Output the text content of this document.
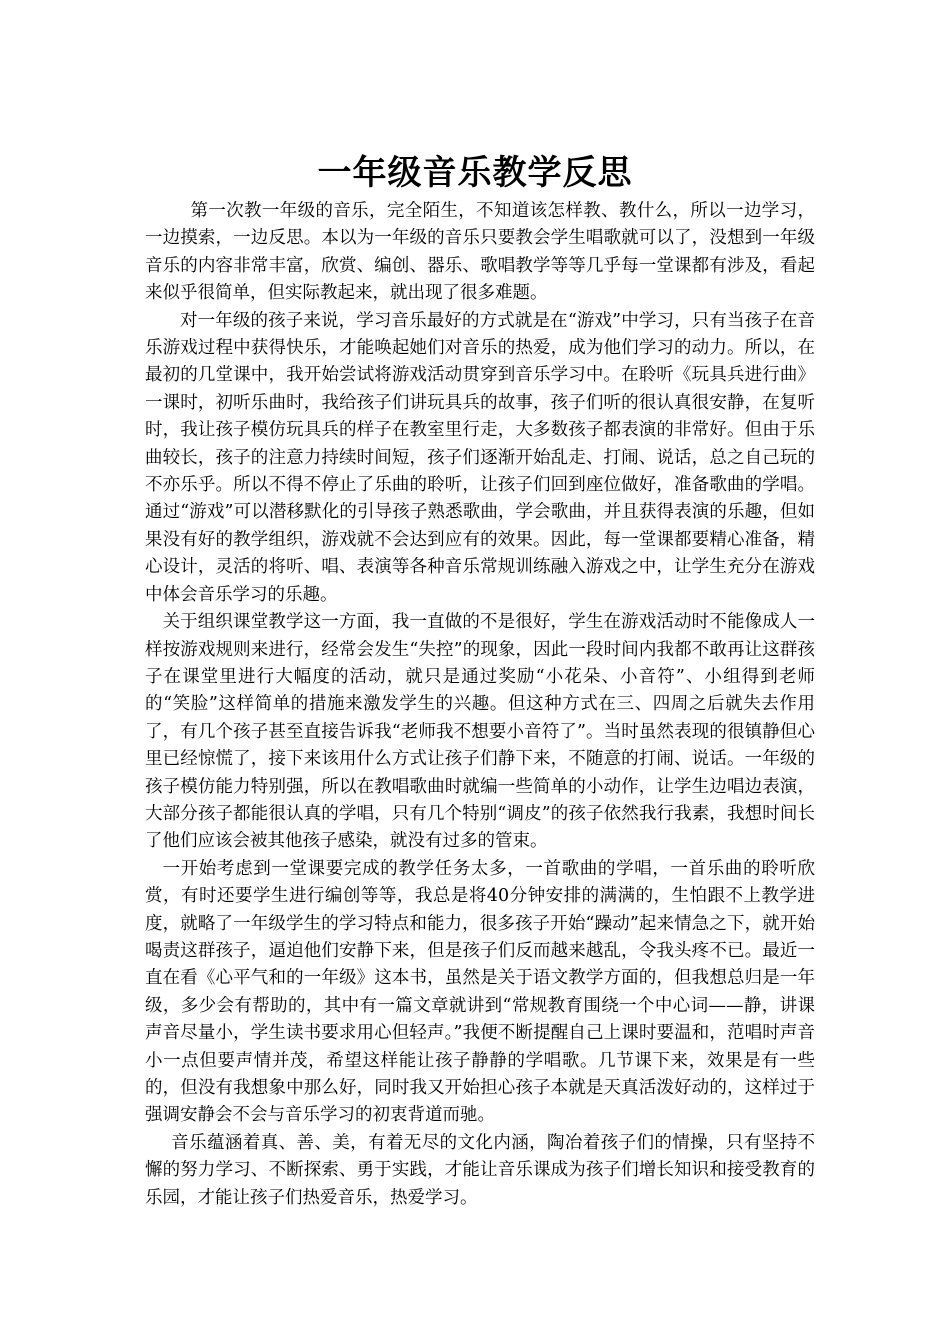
一年级音乐教学反思

第一次教一年级的音乐，完全陌生，不知道该怎样教、教什么，所以一边学习，一边摸索，一边反思。本以为一年级的音乐只要教会学生唱歌就可以了，没想到一年级音乐的内容非常丰富，欣赏、编创、器乐、歌唱教学等等几乎每一堂课都有涉及，看起来似乎很简单，但实际教起来，就出现了很多难题。

对一年级的孩子来说，学习音乐最好的方式就是在“游戏”中学习，只有当孩子在音乐游戏过程中获得快乐，才能唤起她们对音乐的热爱，成为他们学习的动力。所以，在最初的几堂课中，我开始尝试将游戏活动贯穿到音乐学习中。在聆听《玩具兵进行曲》一课时，初听乐曲时，我给孩子们讲玩具兵的故事，孩子们听的很认真很安静，在复听时，我让孩子模仿玩具兵的样子在教室里行走，大多数孩子都表演的非常好。但由于乐曲较长，孩子的注意力持续时间短，孩子们逐渐开始乱走、打闹、说话，总之自己玩的不亦乐乎。所以不得不停止了乐曲的聆听，让孩子们回到座位做好，准备歌曲的学唱。通过“游戏”可以潜移默化的引导孩子熟悉歌曲，学会歌曲，并且获得表演的乐趣，但如果没有好的教学组织，游戏就不会达到应有的效果。因此，每一堂课都要精心准备，精心设计，灵活的将听、唱、表演等各种音乐常规训练融入游戏之中，让学生充分在游戏中体会音乐学习的乐趣。

关于组织课堂教学这一方面，我一直做的不是很好，学生在游戏活动时不能像成人一样按游戏规则来进行，经常会发生“失控”的现象，因此一段时间内我都不敢再让这群孩子在课堂里进行大幅度的活动，就只是通过奖励“小花朵、小音符”、小组得到老师的“笑脸”这样简单的措施来激发学生的兴趣。但这种方式在三、四周之后就失去作用了，有几个孩子甚至直接告诉我“老师我不想要小音符了”。当时虽然表现的很镇静但心里已经惊慌了，接下来该用什么方式让孩子们静下来，不随意的打闹、说话。一年级的孩子模仿能力特别强，所以在教唱歌曲时就编一些简单的小动作，让学生边唱边表演，大部分孩子都能很认真的学唱，只有几个特别“调皮”的孩子依然我行我素，我想时间长了他们应该会被其他孩子感染，就没有过多的管束。

一开始考虑到一堂课要完成的教学任务太多，一首歌曲的学唱，一首乐曲的聆听欣赏，有时还要学生进行编创等等，我总是将40分钟安排的满满的，生怕跟不上教学进度，就略了一年级学生的学习特点和能力，很多孩子开始“躁动”起来情急之下，就开始喝责这群孩子，逼迫他们安静下来，但是孩子们反而越来越乱，令我头疼不已。最近一直在看《心平气和的一年级》这本书，虽然是关于语文教学方面的，但我想总归是一年级，多少会有帮助的，其中有一篇文章就讲到“常规教育围绕一个中心词——静，讲课声音尽量小，学生读书要求用心但轻声。”我便不断提醒自己上课时要温和，范唱时声音小一点但要声情并茂，希望这样能让孩子静静的学唱歌。几节课下来，效果是有一些的，但没有我想象中那么好，同时我又开始担心孩子本就是天真活泼好动的，这样过于强调安静会不会与音乐学习的初衷背道而驰。

音乐蕴涵着真、善、美，有着无尽的文化内涵，陶冶着孩子们的情操，只有坚持不懈的努力学习、不断探索、勇于实践，才能让音乐课成为孩子们增长知识和接受教育的乐园，才能让孩子们热爱音乐，热爱学习。
